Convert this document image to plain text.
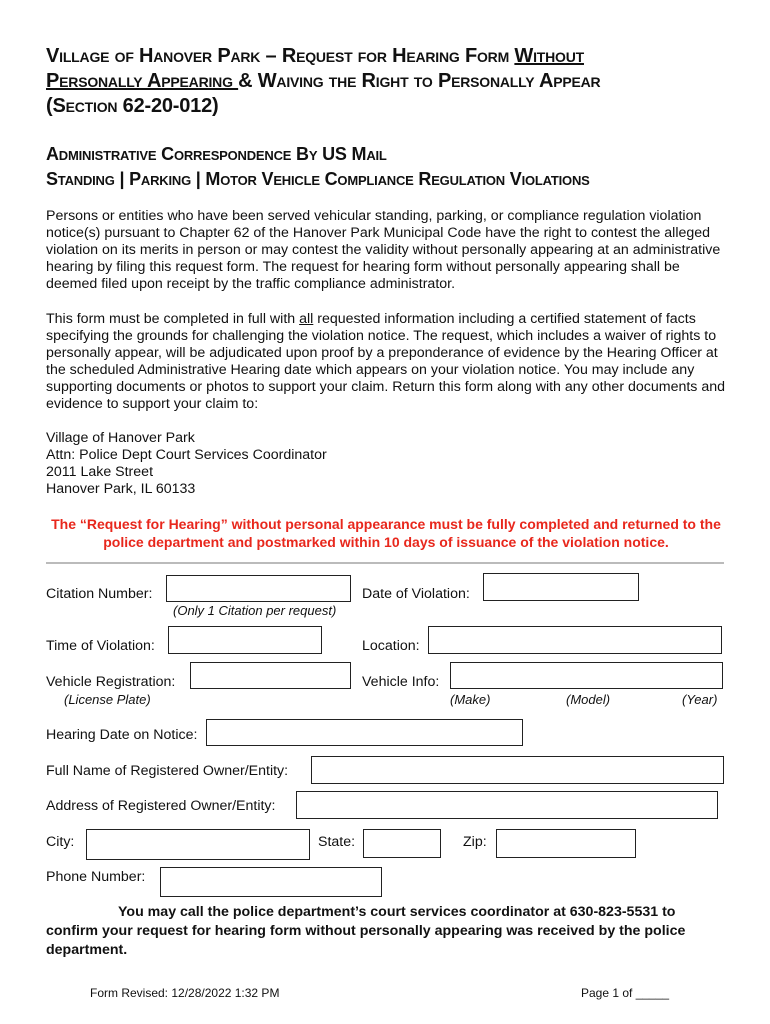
Village of Hanover Park – Request for Hearing Form Without
Personally Appearing & Waiving the Right to Personally Appear
(Section 62-20-012)
Administrative Correspondence By US Mail
Standing | Parking | Motor Vehicle Compliance Regulation Violations

Persons or entities who have been served vehicular standing, parking, or compliance regulation violation notice(s) pursuant to Chapter 62 of the Hanover Park Municipal Code have the right to contest the alleged violation on its merits in person or may contest the validity without personally appearing at an administrative hearing by filing this request form. The request for hearing form without personally appearing shall be deemed filed upon receipt by the traffic compliance administrator.

This form must be completed in full with all requested information including a certified statement of facts specifying the grounds for challenging the violation notice. The request, which includes a waiver of rights to personally appear, will be adjudicated upon proof by a preponderance of evidence by the Hearing Officer at the scheduled Administrative Hearing date which appears on your violation notice. You may include any supporting documents or photos to support your claim. Return this form along with any other documents and evidence to support your claim to:

Village of Hanover Park
Attn: Police Dept Court Services Coordinator
2011 Lake Street
Hanover Park, IL 60133
The “Request for Hearing” without personal appearance must be fully completed and returned to the police department and postmarked within 10 days of issuance of the violation notice.
Citation Number:
(Only 1 Citation per request)
Date of Violation:
Time of Violation:	Location:
Vehicle Registration:
(License Plate)
Vehicle Info:
(Make)	(Model)	(Year)
Hearing Date on Notice:
Full Name of Registered Owner/Entity:
Address of Registered Owner/Entity:
City:	State:	Zip:
Phone Number:
You may call the police department’s court services coordinator at 630-823-5531 to confirm your request for hearing form without personally appearing was received by the police department.
Form Revised: 12/28/2022 1:32 PM	Page 1 of _____
